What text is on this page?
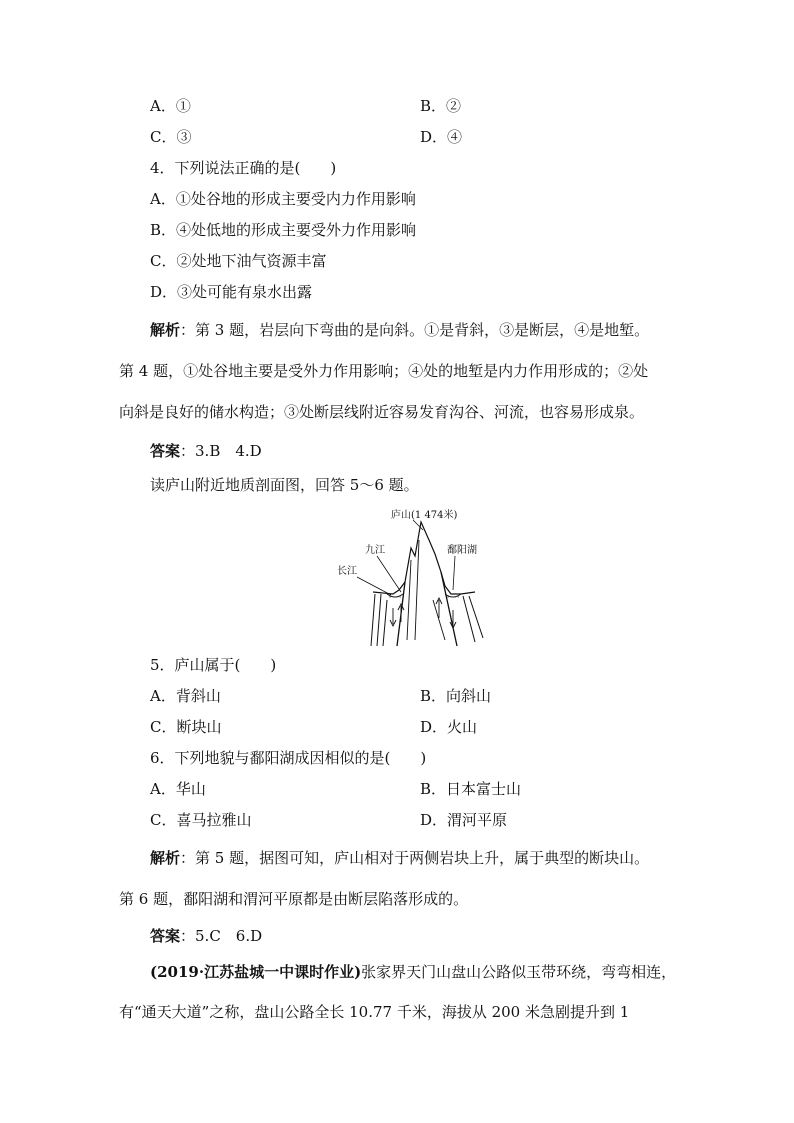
A．①	B．②
C．③	D．④
4．下列说法正确的是(　　)
A．①处谷地的形成主要受内力作用影响
B．④处低地的形成主要受外力作用影响
C．②处地下油气资源丰富
D．③处可能有泉水出露
解析：第 3 题，岩层向下弯曲的是向斜。①是背斜，③是断层，④是地堑。
第 4 题，①处谷地主要是受外力作用影响；④处的地堑是内力作用形成的；②处
向斜是良好的储水构造；③处断层线附近容易发育沟谷、河流，也容易形成泉。
答案：3.B　4.D
读庐山附近地质剖面图，回答 5～6 题。
庐山(1 474米)
九江
长江
鄱阳湖
5．庐山属于(　　)
A．背斜山	B．向斜山
C．断块山	D．火山
6．下列地貌与鄱阳湖成因相似的是(　　)
A．华山	B．日本富士山
C．喜马拉雅山	D．渭河平原
解析：第 5 题，据图可知，庐山相对于两侧岩块上升，属于典型的断块山。
第 6 题，鄱阳湖和渭河平原都是由断层陷落形成的。
答案：5.C　6.D
(2019·江苏盐城一中课时作业)张家界天门山盘山公路似玉带环绕，弯弯相连，
有“通天大道”之称，盘山公路全长 10.77 千米，海拔从 200 米急剧提升到 1
